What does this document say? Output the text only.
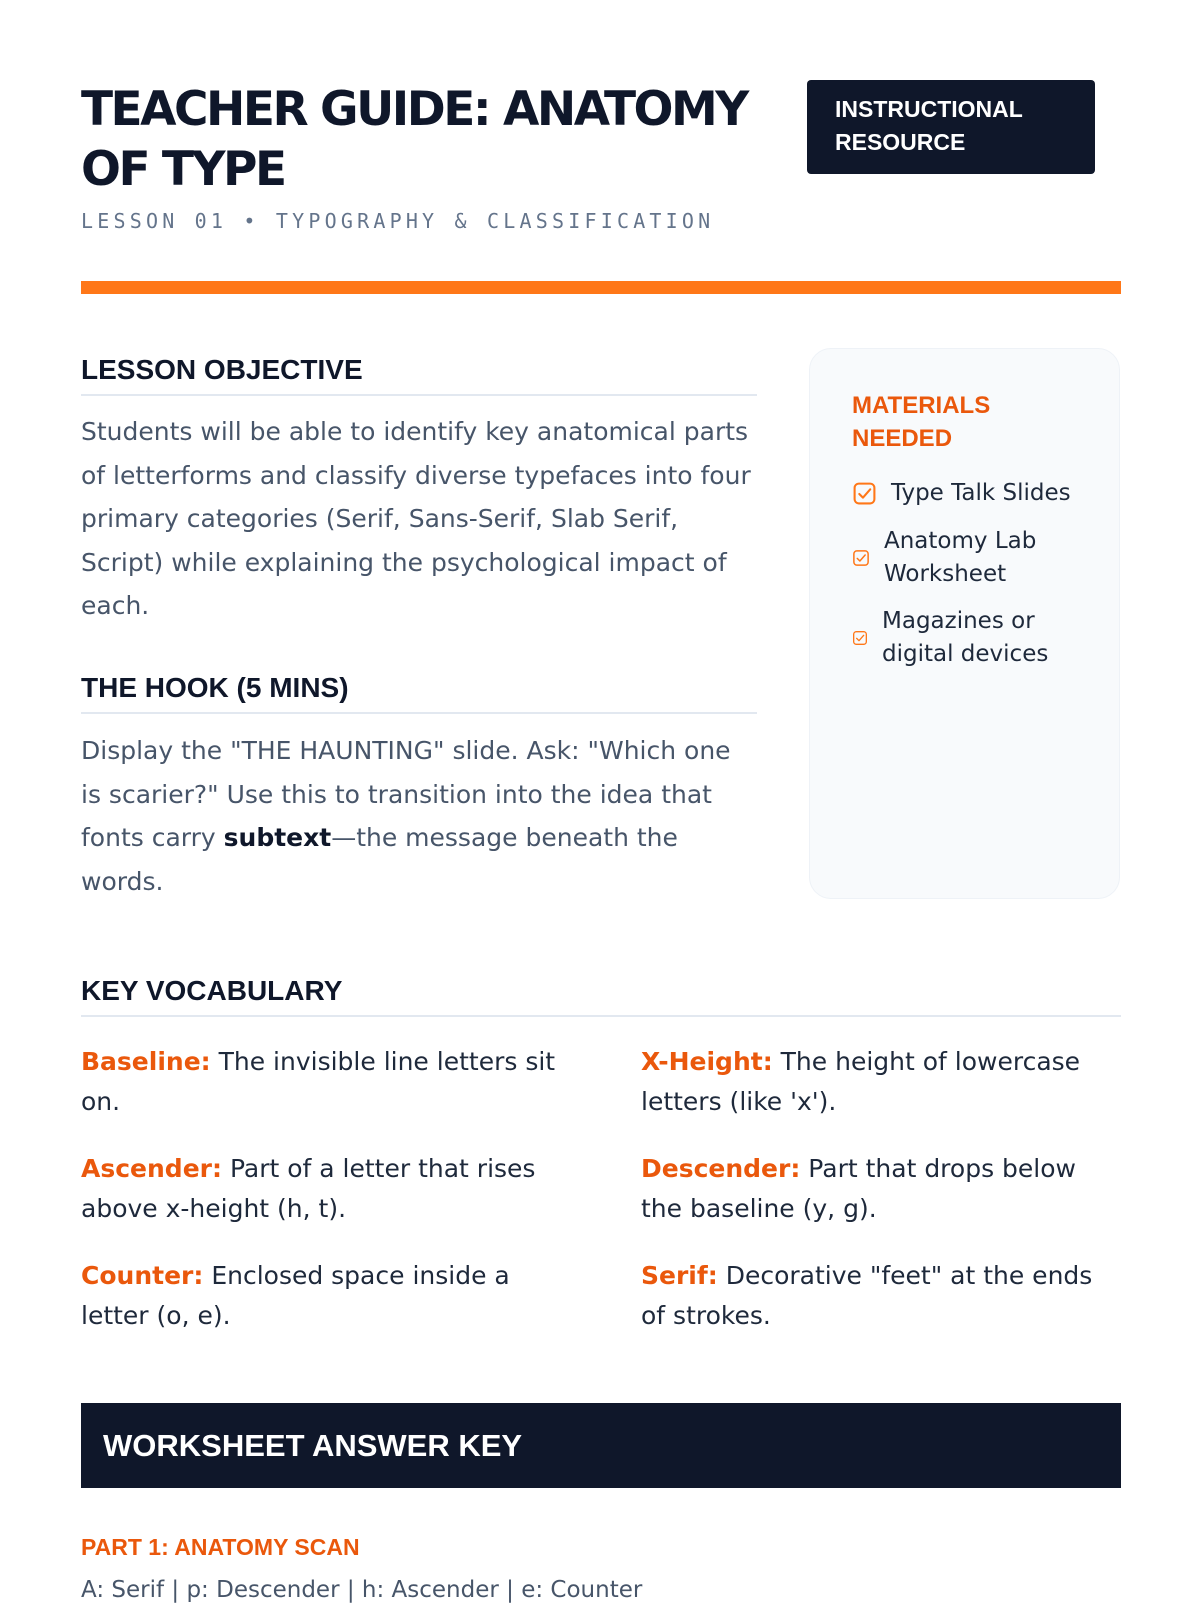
TEACHER GUIDE: ANATOMY OF TYPE
INSTRUCTIONAL RESOURCE
LESSON 01 • TYPOGRAPHY & CLASSIFICATION
LESSON OBJECTIVE

Students will be able to identify key anatomical parts of letterforms and classify diverse typefaces into four primary categories (Serif, Sans-Serif, Slab Serif, Script) while explaining the psychological impact of each.

THE HOOK (5 MINS)

Display the "THE HAUNTING" slide. Ask: "Which one is scarier?" Use this to transition into the idea that fonts carry subtext—the message beneath the words.

MATERIALS NEEDED
Type Talk Slides
Anatomy Lab Worksheet
Magazines or digital devices
KEY VOCABULARY

Baseline: The invisible line letters sit on.

X-Height: The height of lowercase letters (like 'x').

Ascender: Part of a letter that rises above x-height (h, t).

Descender: Part that drops below the baseline (y, g).

Counter: Enclosed space inside a letter (o, e).

Serif: Decorative "feet" at the ends of strokes.

WORKSHEET ANSWER KEY
PART 1: ANATOMY SCAN

A: Serif | p: Descender | h: Ascender | e: Counter
